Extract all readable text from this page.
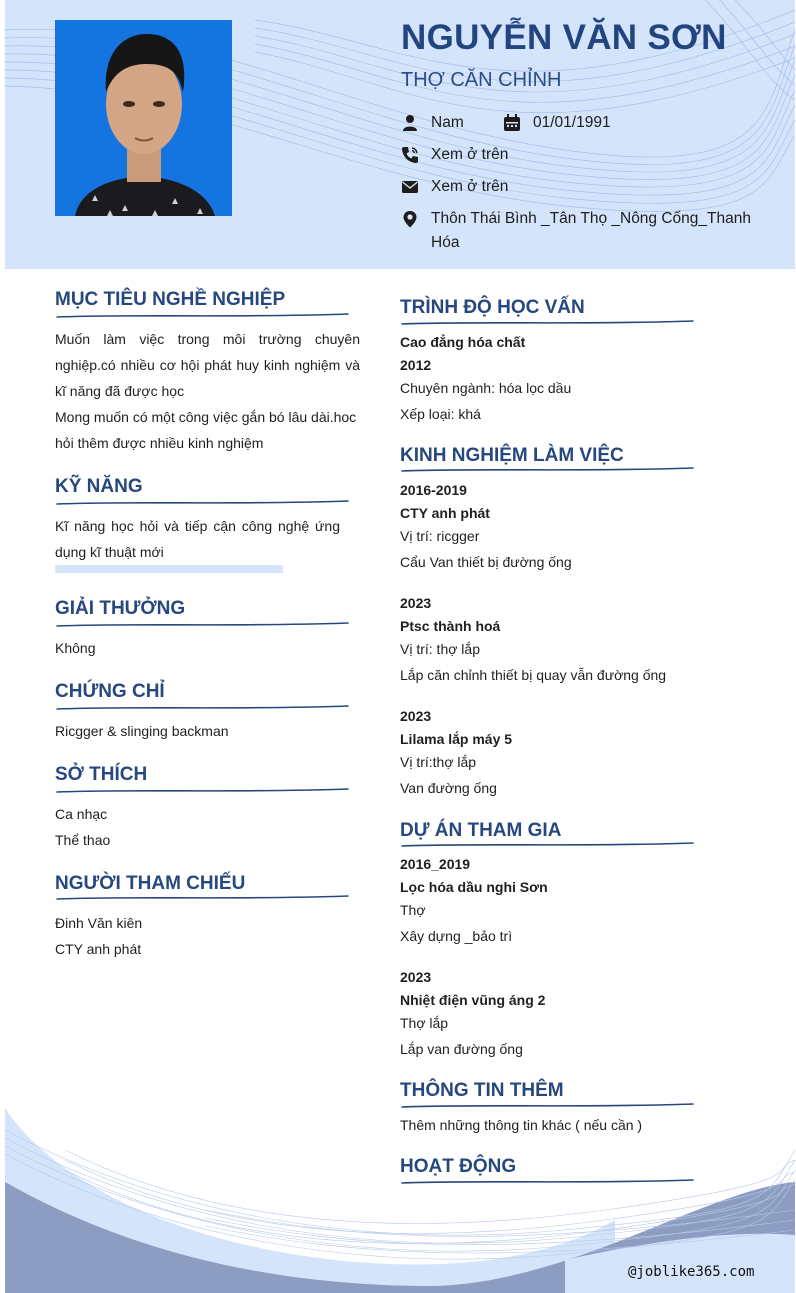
NGUYỄN VĂN SƠN
THỢ CĂN CHỈNH
Nam	01/01/1991
Xem ở trên
Xem ở trên
Thôn Thái Bình _Tân Thọ _Nông Cống_Thanh Hóa
MỤC TIÊU NGHỀ NGHIỆP
Muốn làm việc trong môi trường chuyên nghiệp.có nhiều cơ hội phát huy kinh nghiệm và kĩ năng đã được học
Mong muốn có một công việc gắn bó lâu dài.hoc hỏi thêm được nhiều kinh nghiệm
KỸ NĂNG
Kĩ năng học hỏi và tiếp cận công nghệ ứng dụng kĩ thuật mới
GIẢI THƯỞNG
Không
CHỨNG CHỈ
Ricgger & slinging backman
SỞ THÍCH
Ca nhạc
Thể thao
NGƯỜI THAM CHIẾU
Đinh Văn kiên
CTY anh phát
TRÌNH ĐỘ HỌC VẤN
Cao đẳng hóa chất
2012
Chuyên ngành: hóa lọc dầu
Xếp loại: khá
KINH NGHIỆM LÀM VIỆC
2016-2019
CTY anh phát
Vị trí: ricgger
Cẩu Van thiết bị đường ống
2023
Ptsc thành hoá
Vị trí: thợ lắp
Lắp căn chỉnh thiết bị quay vẫn đường ống
2023
Lilama lắp máy 5
Vị trí:thợ lắp
Van đường ống
DỰ ÁN THAM GIA
2016_2019
Lọc hóa dầu nghi Sơn
Thợ
Xây dựng _bảo trì
2023
Nhiệt điện vũng áng 2
Thợ lắp
Lắp van đường ống
THÔNG TIN THÊM
Thêm những thông tin khác ( nếu cần )
HOẠT ĐỘNG
@joblike365.com
